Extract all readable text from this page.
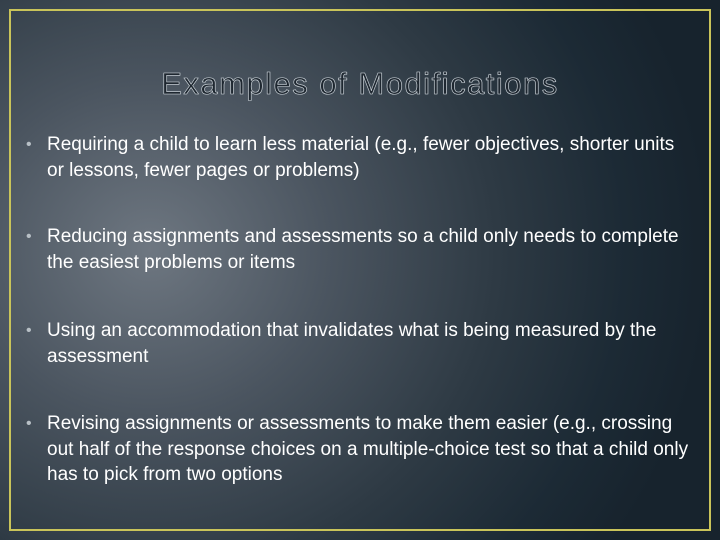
Examples of Modifications
• Requiring a child to learn less material (e.g., fewer objectives, shorter units or lessons, fewer pages or problems)
• Reducing assignments and assessments so a child only needs to complete the easiest problems or items
• Using an accommodation that invalidates what is being measured by the assessment
• Revising assignments or assessments to make them easier (e.g., crossing out half of the response choices on a multiple-choice test so that a child only has to pick from two options
